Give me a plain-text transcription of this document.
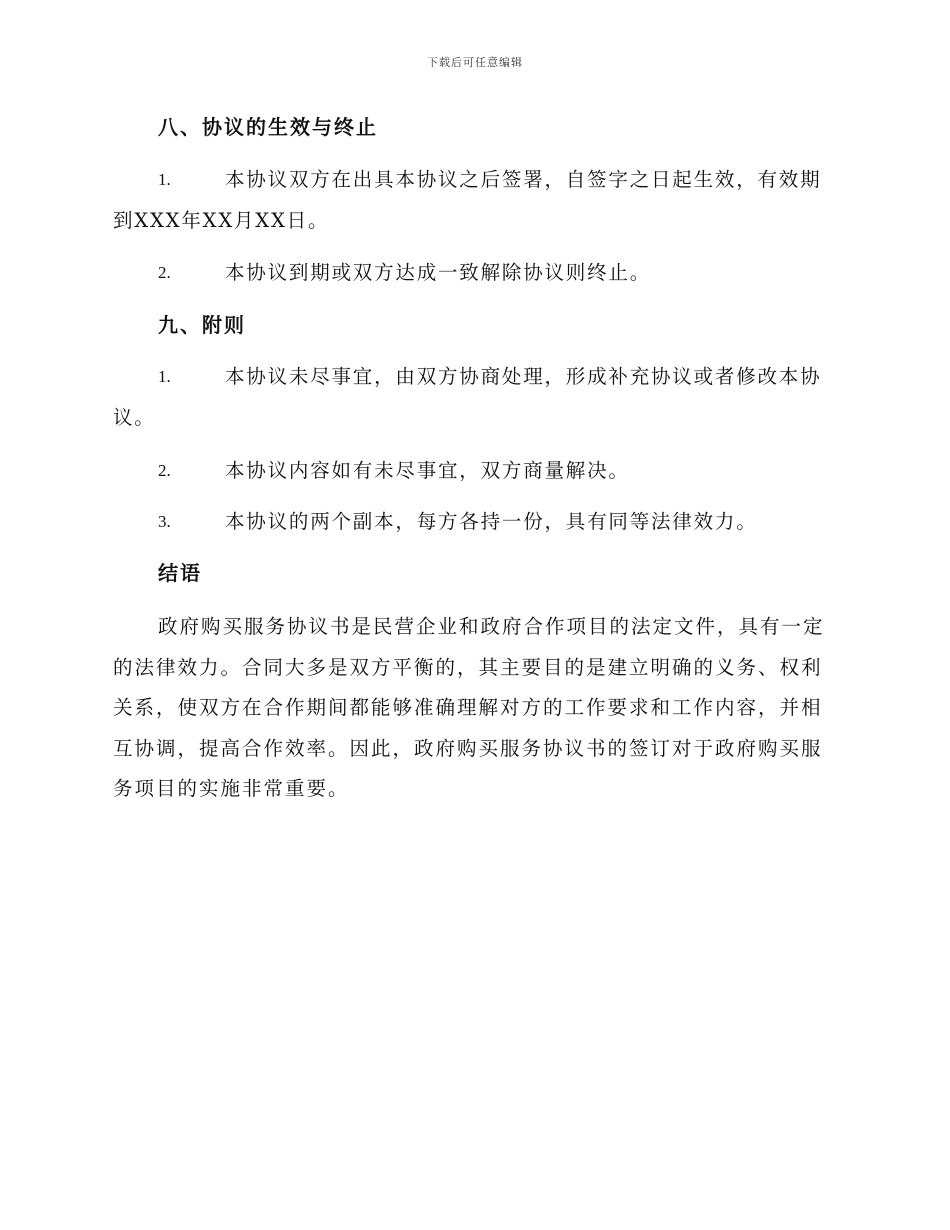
下载后可任意编辑
八、协议的生效与终止
1.	本协议双方在出具本协议之后签署，自签字之日起生效，有效期到XXX年XX月XX日。
2.	本协议到期或双方达成一致解除协议则终止。
九、附则
1.	本协议未尽事宜，由双方协商处理，形成补充协议或者修改本协议。
2.	本协议内容如有未尽事宜，双方商量解决。
3.	本协议的两个副本，每方各持一份，具有同等法律效力。
结语
政府购买服务协议书是民营企业和政府合作项目的法定文件，具有一定的法律效力。合同大多是双方平衡的，其主要目的是建立明确的义务、权利关系，使双方在合作期间都能够准确理解对方的工作要求和工作内容，并相互协调，提高合作效率。因此，政府购买服务协议书的签订对于政府购买服务项目的实施非常重要。
